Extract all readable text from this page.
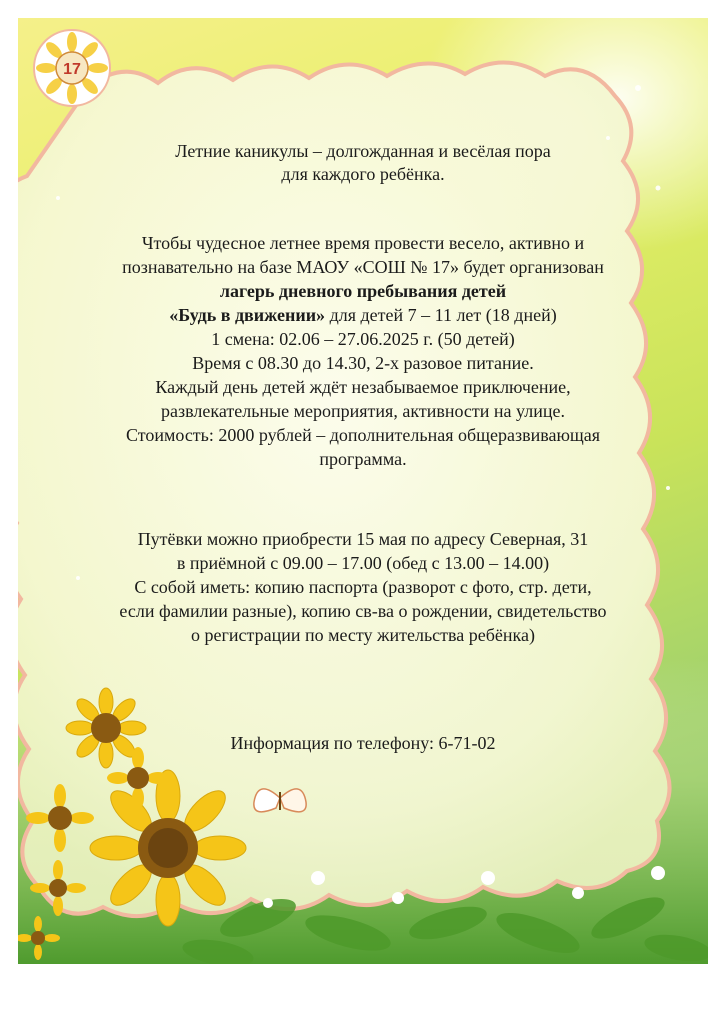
17
Летние каникулы – долгожданная и весёлая пора
для каждого ребёнка.
Чтобы чудесное летнее время провести весело, активно и
познавательно на базе МАОУ «СОШ № 17» будет организован
лагерь дневного пребывания детей
«Будь в движении» для детей 7 – 11 лет (18 дней)
1 смена: 02.06 – 27.06.2025 г. (50 детей)
Время с 08.30 до 14.30, 2-х разовое питание.
Каждый день детей ждёт незабываемое приключение,
развлекательные мероприятия, активности на улице.
Стоимость: 2000 рублей – дополнительная общеразвивающая
программа.
Путёвки можно приобрести 15 мая по адресу Северная, 31
в приёмной с 09.00 – 17.00 (обед с 13.00 – 14.00)
С собой иметь: копию паспорта (разворот с фото, стр. дети,
если фамилии разные), копию св-ва о рождении, свидетельство
о регистрации по месту жительства ребёнка)
Информация по телефону: 6-71-02
